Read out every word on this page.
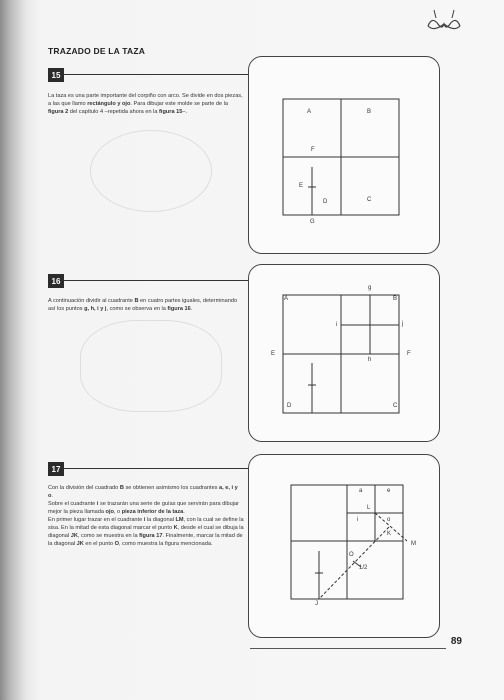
TRAZADO DE LA TAZA
15
La taza es una parte importante del corpiño con arco. Se divide en dos piezas, a las que llamo rectángulo y ojo. Para dibujar este molde se parte de la figura 2 del capítulo 4 –repetida ahora en la figura 15–.	A	B
C
D
E
F
G
16
A continuación dividir al cuadrante B en cuatro partes iguales, determinando así los puntos g, h, i y j, como se observa en la figura 16.
A	B
C
D
E	F
g
h
i	j
17
Con la división del cuadrado B se obtienen asimismo los cuadrantes a, e, i y o.
Sobre el cuadrante i se trazarán una serie de guías que servirán para dibujar mejor la pieza llamada ojo, o pieza inferior de la taza.
En primer lugar trazar en el cuadrante i la diagonal LM, con la cual se define la sisa. En la mitad de esta diagonal marcar el punto K, desde el cual se dibuja la diagonal JK, como se muestra en la figura 17. Finalmente, marcar la mitad de la diagonal JK en el punto O, como muestra la figura mencionada.
a	e
i	o
L
K
M
O
1/2
J
89
